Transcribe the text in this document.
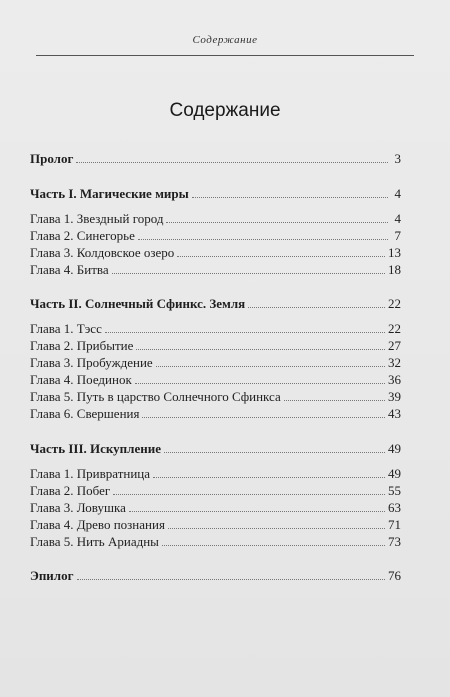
Содержание
Содержание
Пролог	3
Часть I. Магические миры	4
Глава 1. Звездный город	4
Глава 2. Синегорье	7
Глава 3. Колдовское озеро	13
Глава 4. Битва	18
Часть II. Солнечный Сфинкс. Земля	22
Глава 1. Тэсс	22
Глава 2. Прибытие	27
Глава 3. Пробуждение	32
Глава 4. Поединок	36
Глава 5. Путь в царство Солнечного Сфинкса	39
Глава 6. Свершения	43
Часть III. Искупление	49
Глава 1. Привратница	49
Глава 2. Побег	55
Глава 3. Ловушка	63
Глава 4. Древо познания	71
Глава 5. Нить Ариадны	73
Эпилог	76
